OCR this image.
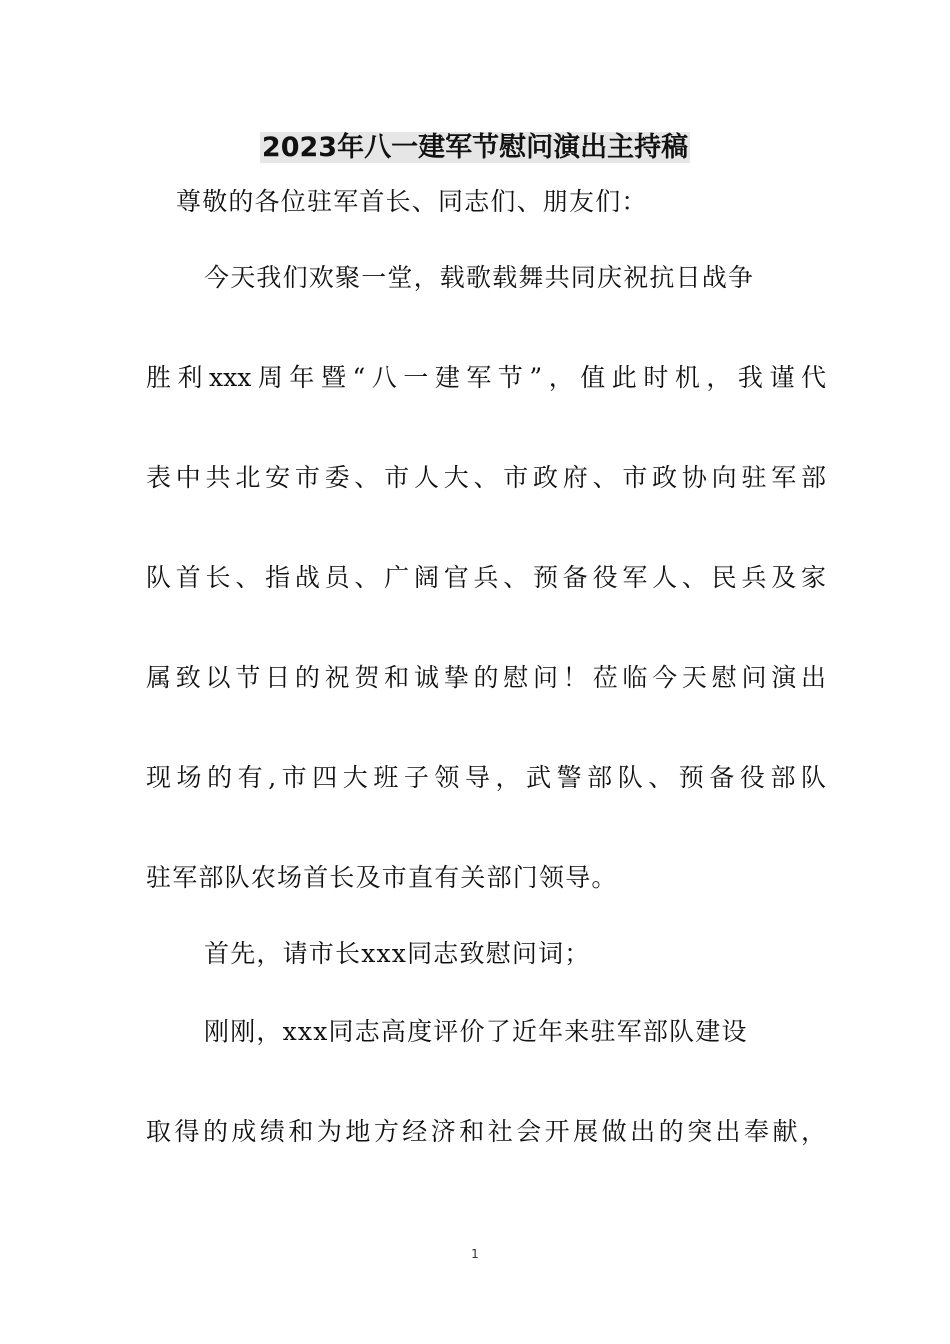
2023年八一建军节慰问演出主持稿
尊敬的各位驻军首长、同志们、朋友们：
今天我们欢聚一堂，载歌载舞共同庆祝抗日战争
胜利xxx周年暨“八一建军节”，值此时机，我谨代
表中共北安市委、市人大、市政府、市政协向驻军部
队首长、指战员、广阔官兵、预备役军人、民兵及家
属致以节日的祝贺和诚挚的慰问！莅临今天慰问演出
现场的有,市四大班子领导，武警部队、预备役部队
驻军部队农场首长及市直有关部门领导。
首先，请市长xxx同志致慰问词；
刚刚，xxx同志高度评价了近年来驻军部队建设
取得的成绩和为地方经济和社会开展做出的突出奉献，
1
